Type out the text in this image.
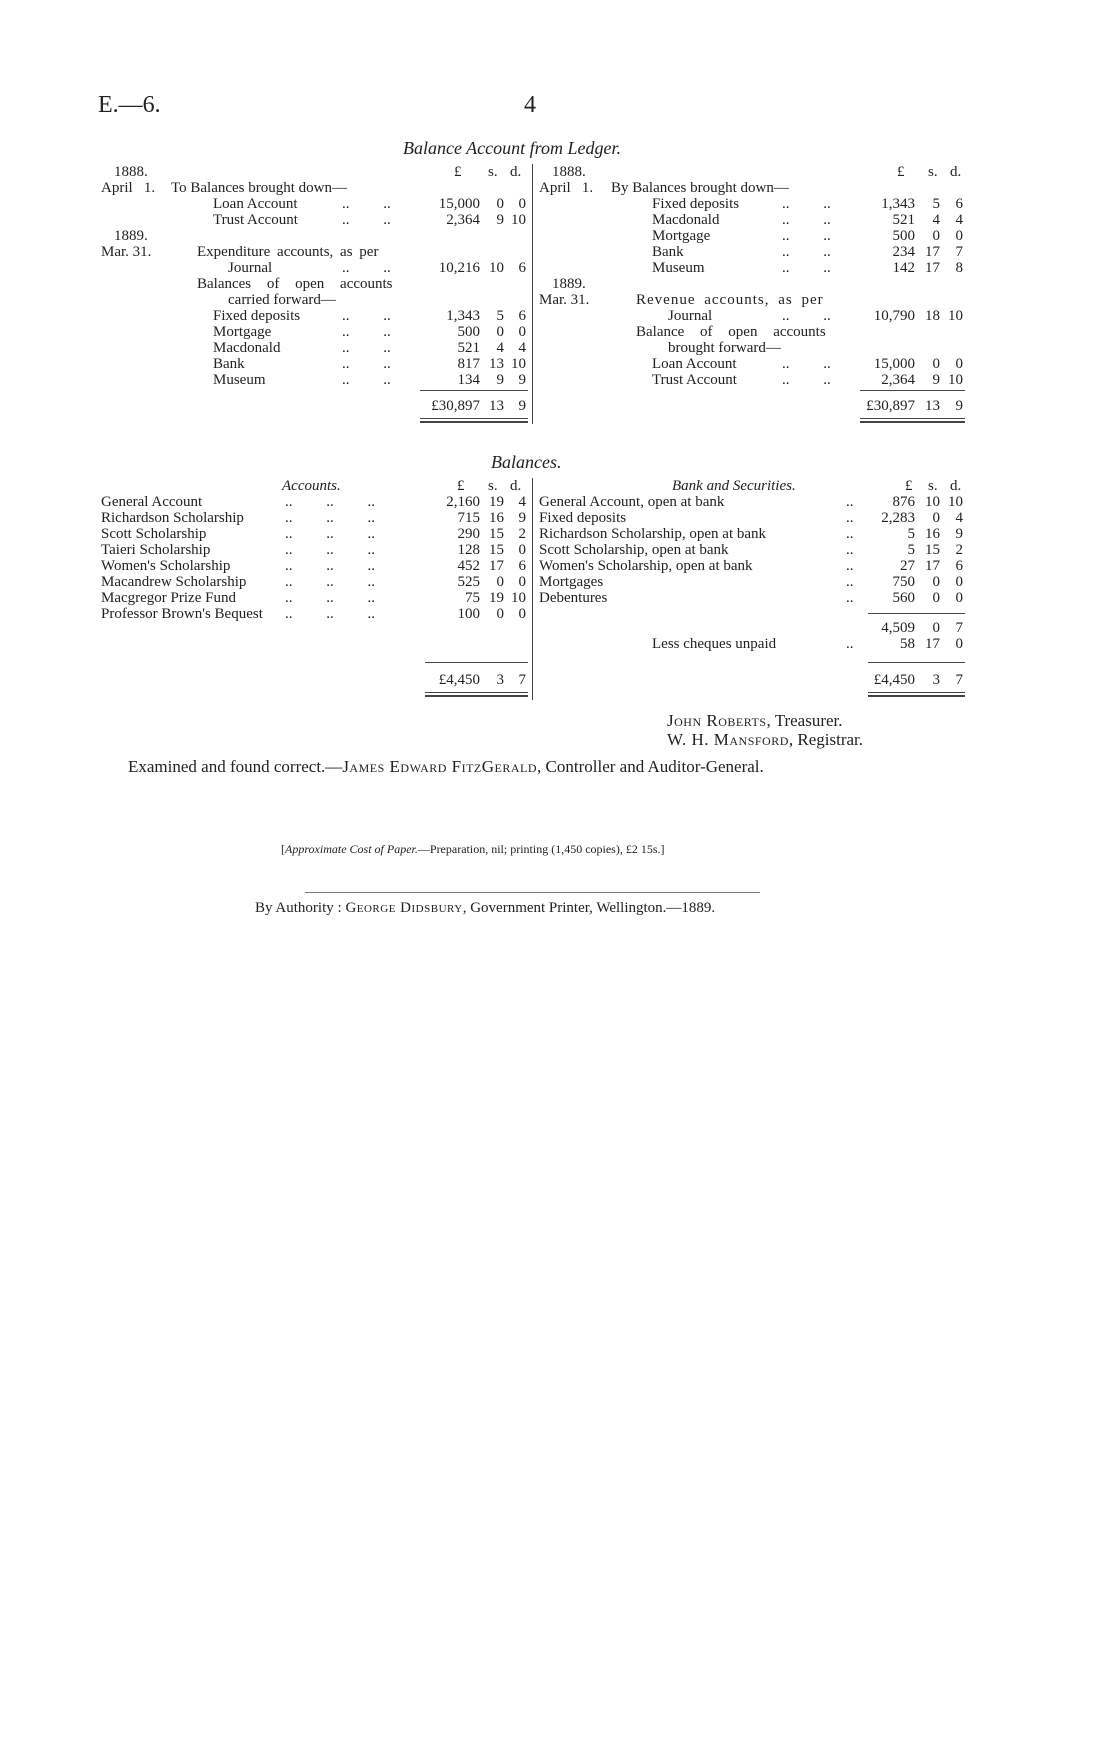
E.—6.	4
Balance Account from Ledger.
£ s. d.	£ s. d.
1888.
April   1. To Balances brought down—
Loan Account	..         ..	15,000	0 0
Trust Account	..         ..	2,364	9 10
1889.
Mar. 31.	Expenditure accounts, as per
Journal	..         ..	10,216 10 6
Balances of open accounts
carried forward—
Fixed deposits	..         ..	1,343	5 6
Mortgage	..         ..	500	0 0
Macdonald	..         ..	521	4 4
Bank	..         ..	817 13 10
Museum	..         ..	134	9 9
£30,897 13 9
1888.
April   1. By Balances brought down—
Fixed deposits	..         ..	1,343	5	6
Macdonald	..         ..	521	4	4
Mortgage	..         ..	500	0	0
Bank	..         ..	234 17	7
Museum	..         ..	142 17	8
1889.
Mar. 31.	Revenue accounts, as per
Journal	..         ..	10,790 18 10
Balance of open accounts
brought forward—
Loan Account	..         ..	15,000	0	0
Trust Account	..         ..	2,364	9 10
£30,897 13	9
Balances.
Accounts.	£ s. d.	Bank and Securities.	£ s. d.
General Account	..         ..         ..	2,160 19 4
Richardson Scholarship	..         ..         ..	715 16 9
Scott Scholarship	..         ..         ..	290 15 2
Taieri Scholarship	..         ..         ..	128 15 0
Women's Scholarship	..         ..         ..	452 17 6
Macandrew Scholarship	..         ..         ..	525	0 0
Macgregor Prize Fund	..         ..         ..	75 19 10
Professor Brown's Bequest ..         ..         ..	100	0 0
£4,450	3 7
General Account, open at bank	..	876 10 10
Fixed deposits	..	2,283	0	4
Richardson Scholarship, open at bank	..	5 16	9
Scott Scholarship, open at bank	..	5 15	2
Women's Scholarship, open at bank	..	27 17	6
Mortgages	..	750	0	0
Debentures	..	560	0	0
4,509	0	7
Less cheques unpaid	..	58 17	0
£4,450	3	7
John Roberts, Treasurer.
W. H. Mansford, Registrar.
Examined and found correct.—James Edward FitzGerald, Controller and Auditor-General.
[Approximate Cost of Paper.—Preparation, nil; printing (1,450 copies), £2 15s.]
By Authority : George Didsbury, Government Printer, Wellington.—1889.
